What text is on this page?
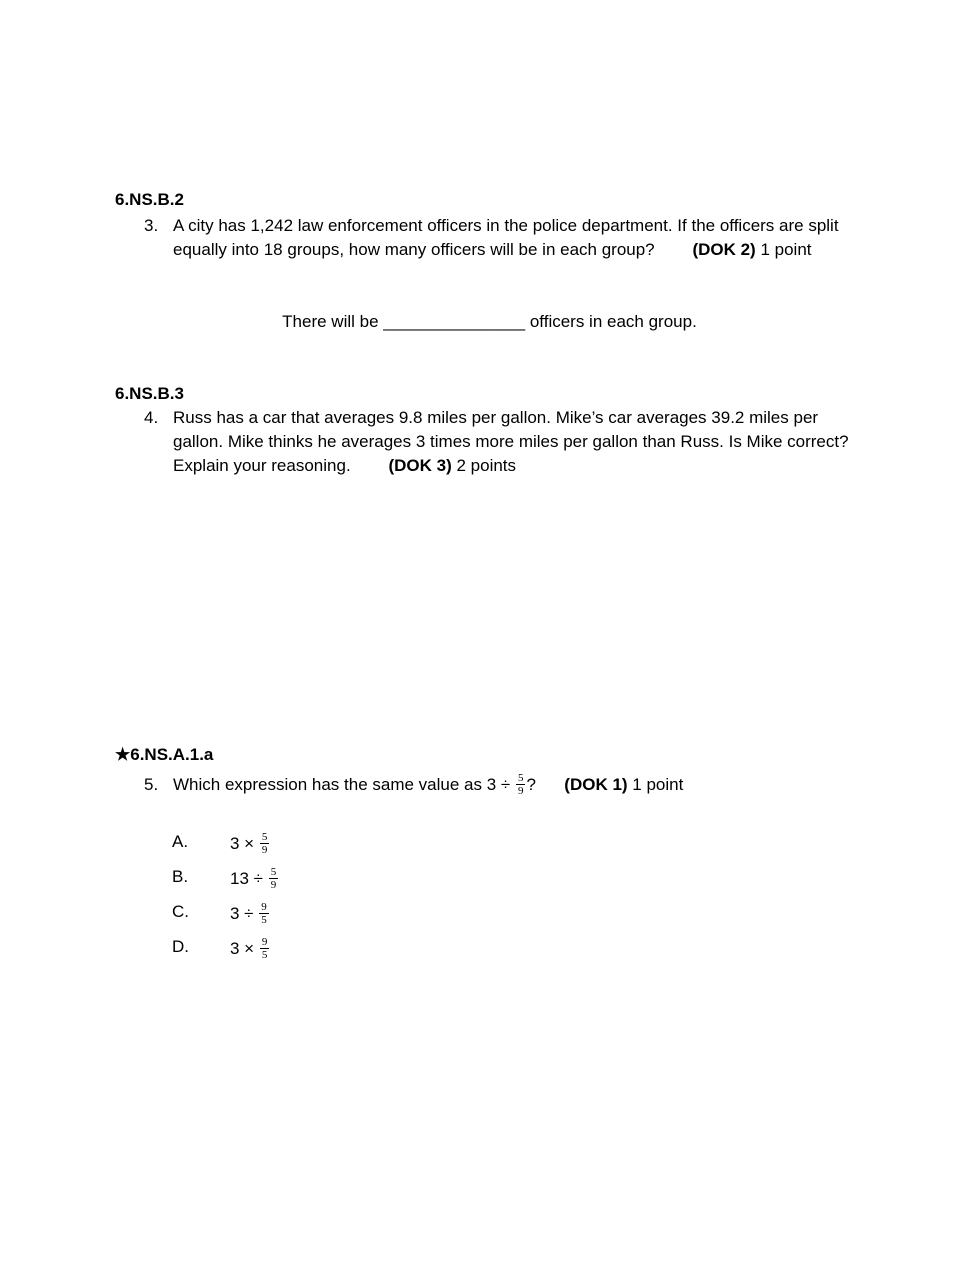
6.NS.B.2
3. A city has 1,242 law enforcement officers in the police department. If the officers are split equally into 18 groups, how many officers will be in each group? (DOK 2) 1 point
There will be _______________ officers in each group.
6.NS.B.3
4. Russ has a car that averages 9.8 miles per gallon. Mike’s car averages 39.2 miles per gallon. Mike thinks he averages 3 times more miles per gallon than Russ. Is Mike correct? Explain your reasoning. (DOK 3) 2 points
★6.NS.A.1.a
5. Which expression has the same value as $3 \div \frac{5}{9}$ ? (DOK 1) 1 point
A. $3 \times \frac{5}{9}$
B. $13 \div \frac{5}{9}$
C. $3 \div \frac{9}{5}$
D. $3 \times \frac{9}{5}$
